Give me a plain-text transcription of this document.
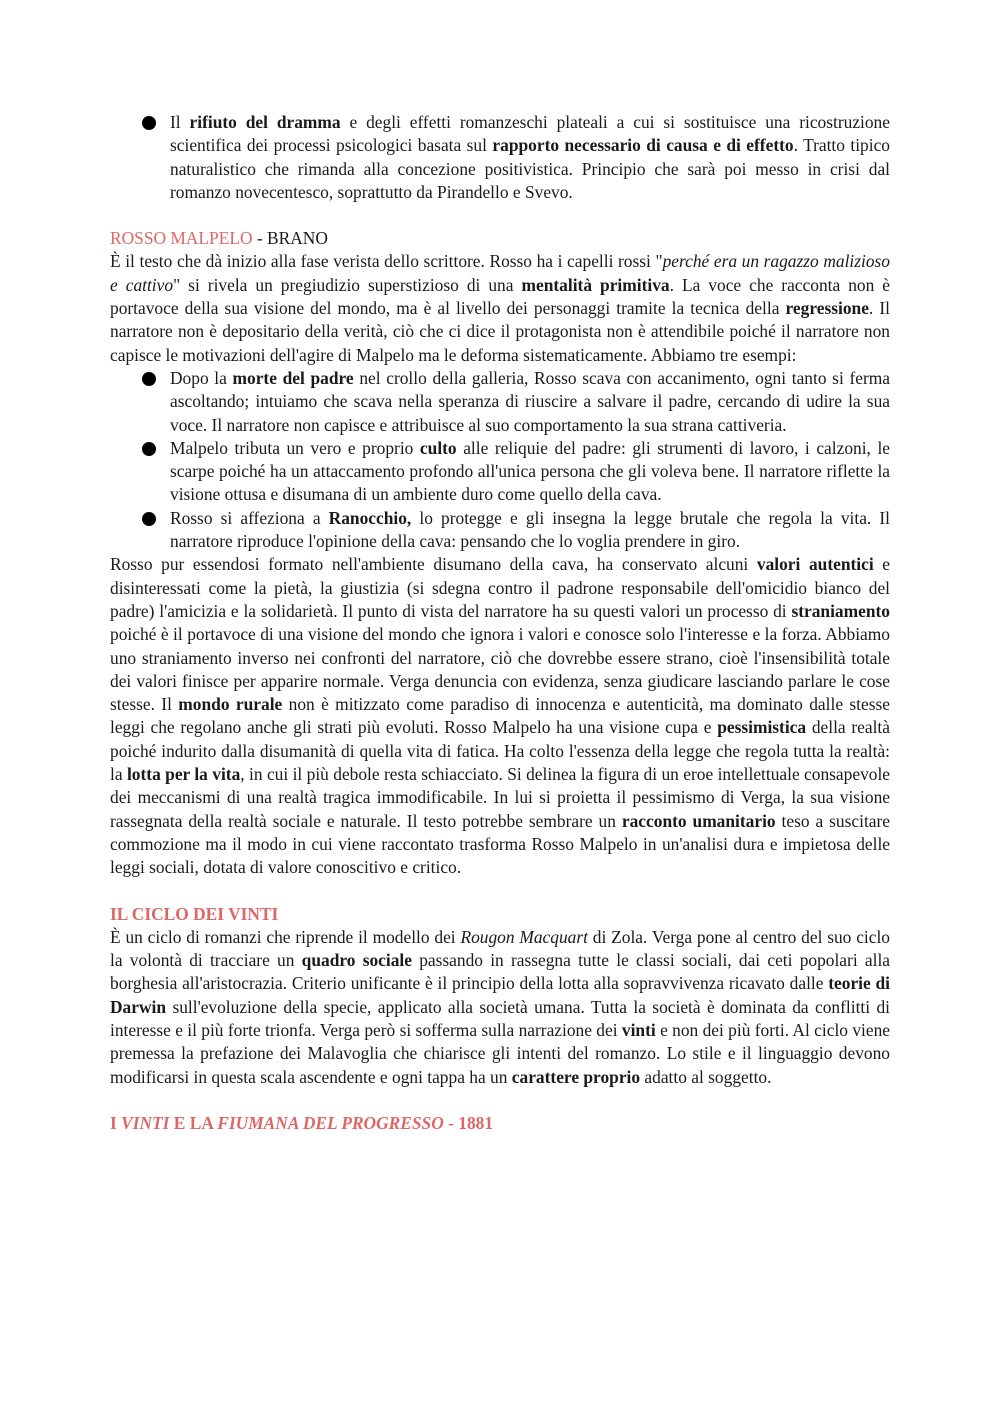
Il rifiuto del dramma e degli effetti romanzeschi plateali a cui si sostituisce una ricostruzione scientifica dei processi psicologici basata sul rapporto necessario di causa e di effetto. Tratto tipico naturalistico che rimanda alla concezione positivistica. Principio che sarà poi messo in crisi dal romanzo novecentesco, soprattutto da Pirandello e Svevo.

ROSSO MALPELO - BRANO

È il testo che dà inizio alla fase verista dello scrittore. Rosso ha i capelli rossi "perché era un ragazzo malizioso e cattivo" si rivela un pregiudizio superstizioso di una mentalità primitiva. La voce che racconta non è portavoce della sua visione del mondo, ma è al livello dei personaggi tramite la tecnica della regressione. Il narratore non è depositario della verità, ciò che ci dice il protagonista non è attendibile poiché il narratore non capisce le motivazioni dell'agire di Malpelo ma le deforma sistematicamente. Abbiamo tre esempi:

Dopo la morte del padre nel crollo della galleria, Rosso scava con accanimento, ogni tanto si ferma ascoltando; intuiamo che scava nella speranza di riuscire a salvare il padre, cercando di udire la sua voce. Il narratore non capisce e attribuisce al suo comportamento la sua strana cattiveria.
Malpelo tributa un vero e proprio culto alle reliquie del padre: gli strumenti di lavoro, i calzoni, le scarpe poiché ha un attaccamento profondo all'unica persona che gli voleva bene. Il narratore riflette la visione ottusa e disumana di un ambiente duro come quello della cava.
Rosso si affeziona a Ranocchio, lo protegge e gli insegna la legge brutale che regola la vita. Il narratore riproduce l'opinione della cava: pensando che lo voglia prendere in giro.

Rosso pur essendosi formato nell'ambiente disumano della cava, ha conservato alcuni valori autentici e disinteressati come la pietà, la giustizia (si sdegna contro il padrone responsabile dell'omicidio bianco del padre) l'amicizia e la solidarietà. Il punto di vista del narratore ha su questi valori un processo di straniamento poiché è il portavoce di una visione del mondo che ignora i valori e conosce solo l'interesse e la forza. Abbiamo uno straniamento inverso nei confronti del narratore, ciò che dovrebbe essere strano, cioè l'insensibilità totale dei valori finisce per apparire normale. Verga denuncia con evidenza, senza giudicare lasciando parlare le cose stesse. Il mondo rurale non è mitizzato come paradiso di innocenza e autenticità, ma dominato dalle stesse leggi che regolano anche gli strati più evoluti. Rosso Malpelo ha una visione cupa e pessimistica della realtà poiché indurito dalla disumanità di quella vita di fatica. Ha colto l'essenza della legge che regola tutta la realtà: la lotta per la vita, in cui il più debole resta schiacciato. Si delinea la figura di un eroe intellettuale consapevole dei meccanismi di una realtà tragica immodificabile. In lui si proietta il pessimismo di Verga, la sua visione rassegnata della realtà sociale e naturale. Il testo potrebbe sembrare un racconto umanitario teso a suscitare commozione ma il modo in cui viene raccontato trasforma Rosso Malpelo in un'analisi dura e impietosa delle leggi sociali, dotata di valore conoscitivo e critico.

IL CICLO DEI VINTI

È un ciclo di romanzi che riprende il modello dei Rougon Macquart di Zola. Verga pone al centro del suo ciclo la volontà di tracciare un quadro sociale passando in rassegna tutte le classi sociali, dai ceti popolari alla borghesia all'aristocrazia. Criterio unificante è il principio della lotta alla sopravvivenza ricavato dalle teorie di Darwin sull'evoluzione della specie, applicato alla società umana. Tutta la società è dominata da conflitti di interesse e il più forte trionfa. Verga però si sofferma sulla narrazione dei vinti e non dei più forti. Al ciclo viene premessa la prefazione dei Malavoglia che chiarisce gli intenti del romanzo. Lo stile e il linguaggio devono modificarsi in questa scala ascendente e ogni tappa ha un carattere proprio adatto al soggetto.

I VINTI E LA FIUMANA DEL PROGRESSO - 1881
